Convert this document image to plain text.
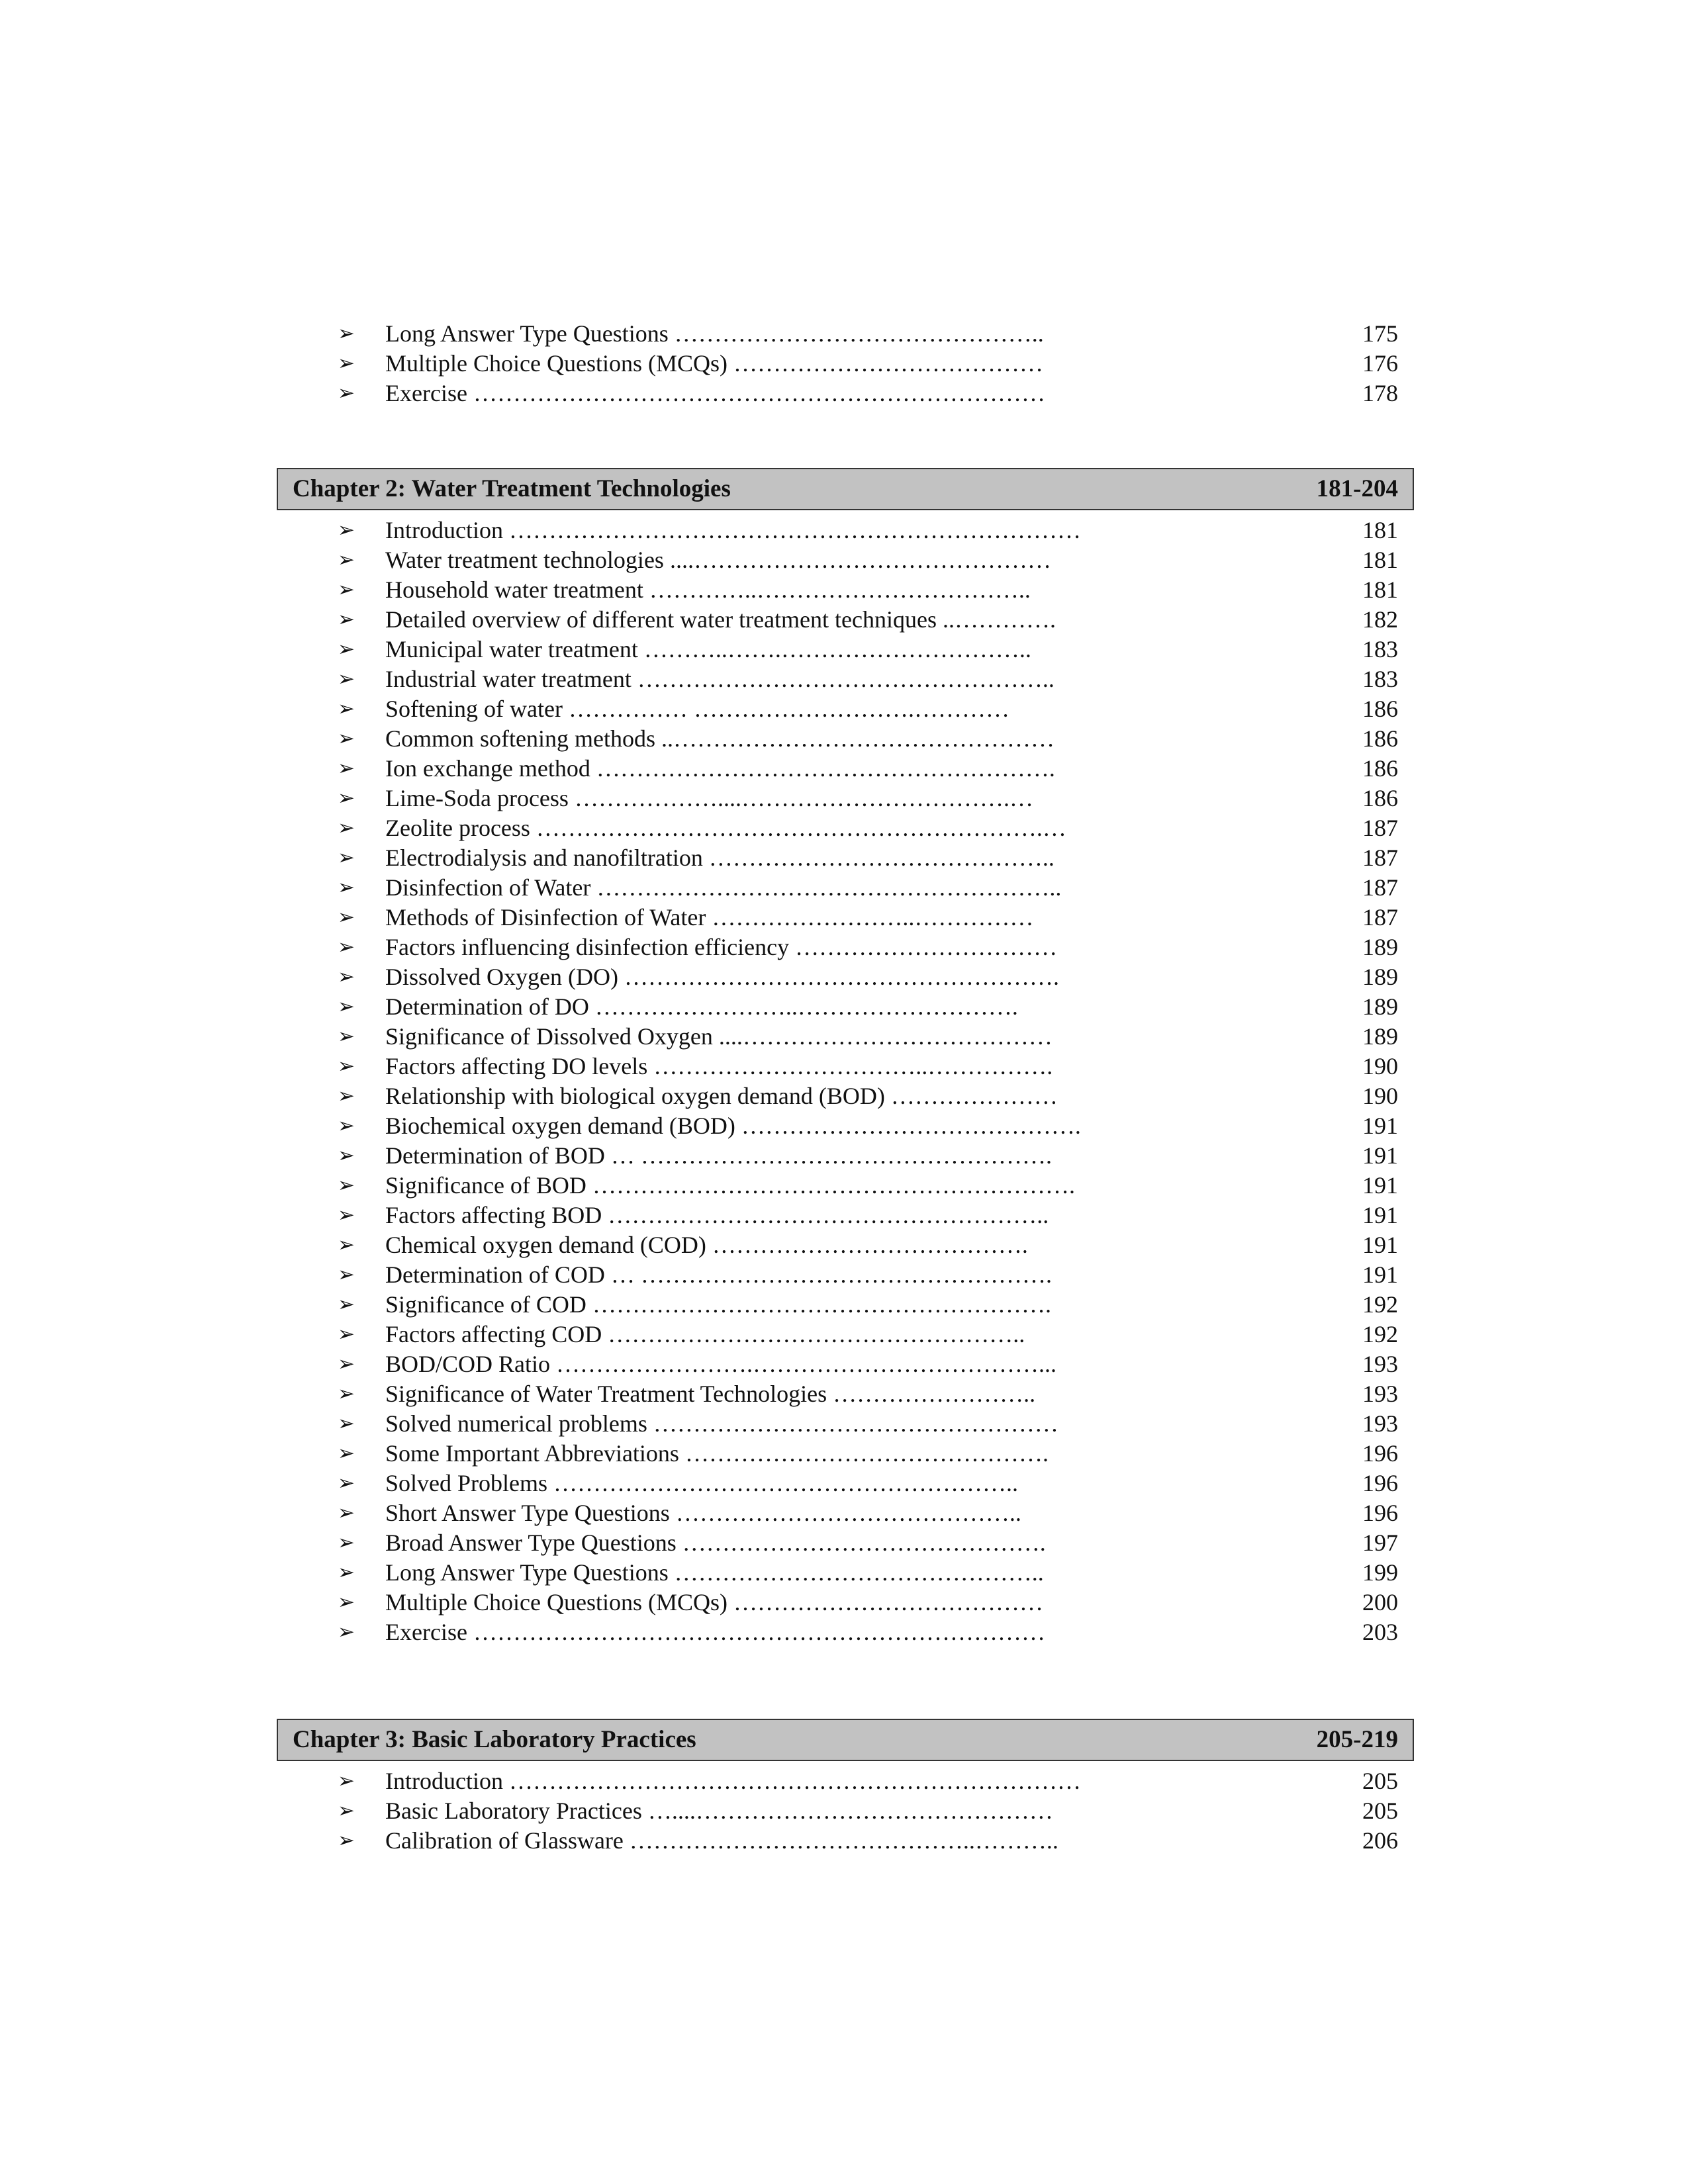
➢ Long Answer Type Questions ………………………………………..	175
➢ Multiple Choice Questions (MCQs) …………………………………	176
➢ Exercise ………………………………………………………………	178
Chapter 2: Water Treatment Technologies	181-204
➢ Introduction ………………………………………………………………	181
➢ Water treatment technologies ....………………………………………	181
➢ Household water treatment …………..……………………………..	181
➢ Detailed overview of different water treatment techniques ..………….	182
➢ Municipal water treatment ………..…….…………………………..	183
➢ Industrial water treatment ……………………………………………..	183
➢ Softening of water …………… ……………………….…………	186
➢ Common softening methods ..…………………………………………	186
➢ Ion exchange method ………………………………………………….	186
➢ Lime-Soda process ………………....…………………………….…	186
➢ Zeolite process ……………………………………………………….…	187
➢ Electrodialysis and nanofiltration ……………………………………..	187
➢ Disinfection of Water …………………………………………………..	187
➢ Methods of Disinfection of Water ……………………..……………	187
➢ Factors influencing disinfection efficiency ……………………………	189
➢ Dissolved Oxygen (DO) ……………………………………………….	189
➢ Determination of DO ……………………..……………………….	189
➢ Significance of Dissolved Oxygen ....…………………………………	189
➢ Factors affecting DO levels ……………………………..…………….	190
➢ Relationship with biological oxygen demand (BOD) …………………	190
➢ Biochemical oxygen demand (BOD) …………………………………….	191
➢ Determination of BOD … …………………………………………….	191
➢ Significance of BOD …………………………………………………….	191
➢ Factors affecting BOD ………………………………………………..	191
➢ Chemical oxygen demand (COD) ………………………………….	191
➢ Determination of COD … …………………………………………….	191
➢ Significance of COD ………………………………………………….	192
➢ Factors affecting COD ……………………………………………..	192
➢ BOD/COD Ratio …………………….………………………………...	193
➢ Significance of Water Treatment Technologies ……………………..	193
➢ Solved numerical problems ……………………………………………	193
➢ Some Important Abbreviations ……………………………………….	196
➢ Solved Problems …………………………………………………..	196
➢ Short Answer Type Questions ……………………………………..	196
➢ Broad Answer Type Questions ……………………………………….	197
➢ Long Answer Type Questions ………………………………………..	199
➢ Multiple Choice Questions (MCQs) …………………………………	200
➢ Exercise ………………………………………………………………	203
Chapter 3: Basic Laboratory Practices	205-219
➢ Introduction ………………………………………………………………	205
➢ Basic Laboratory Practices …....………………………………………	205
➢ Calibration of Glassware ……………………………………..………..	206
